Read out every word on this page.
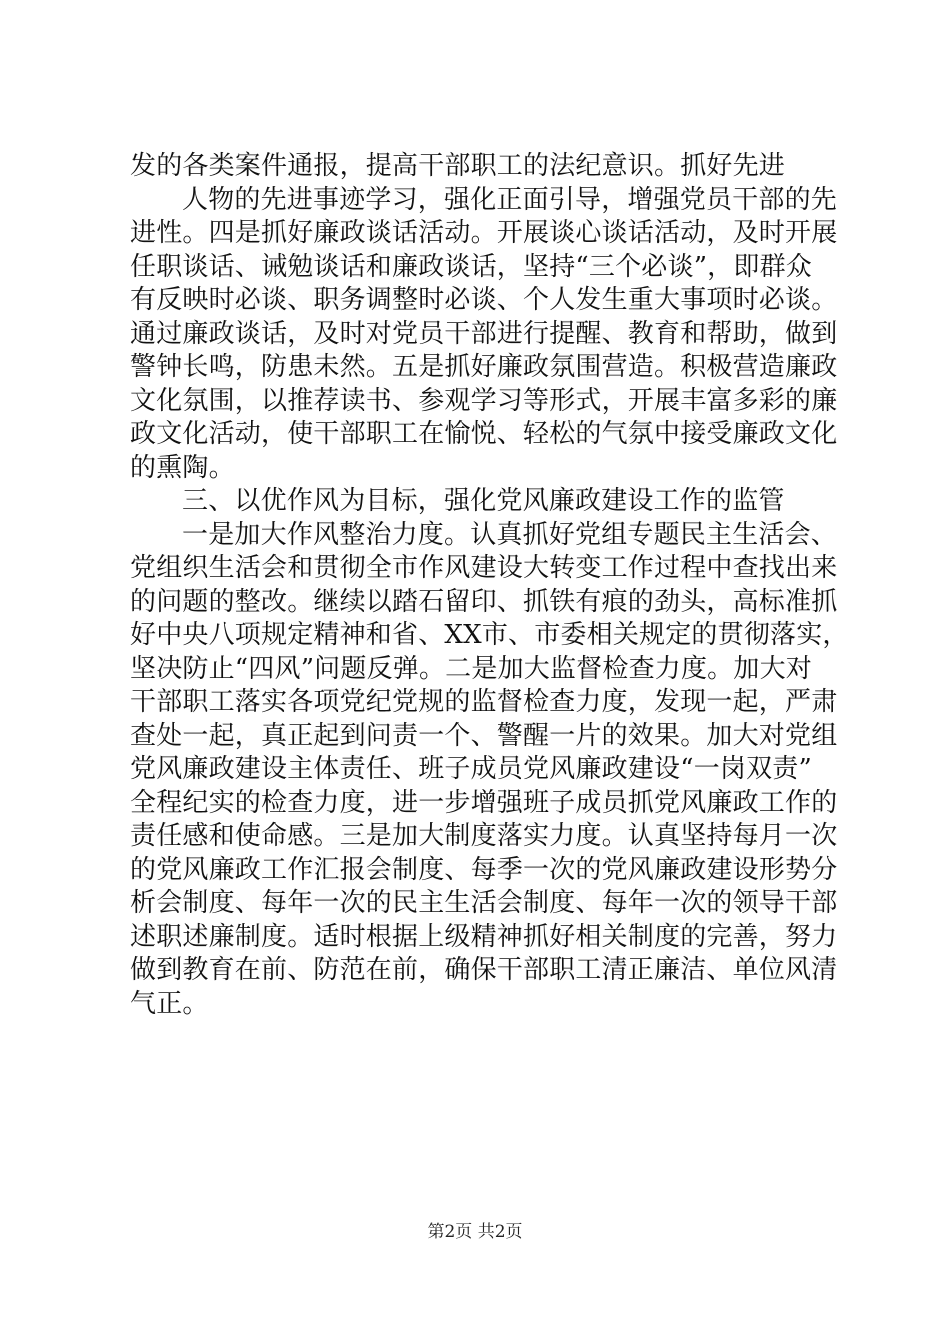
发的各类案件通报，提高干部职工的法纪意识。抓好先进
人物的先进事迹学习，强化正面引导，增强党员干部的先
进性。四是抓好廉政谈话活动。开展谈心谈话活动，及时开展
任职谈话、诫勉谈话和廉政谈话，坚持“三个必谈”，即群众
有反映时必谈、职务调整时必谈、个人发生重大事项时必谈。
通过廉政谈话，及时对党员干部进行提醒、教育和帮助，做到
警钟长鸣，防患未然。五是抓好廉政氛围营造。积极营造廉政
文化氛围，以推荐读书、参观学习等形式，开展丰富多彩的廉
政文化活动，使干部职工在愉悦、轻松的气氛中接受廉政文化
的熏陶。
三、以优作风为目标，强化党风廉政建设工作的监管
一是加大作风整治力度。认真抓好党组专题民主生活会、
党组织生活会和贯彻全市作风建设大转变工作过程中查找出来
的问题的整改。继续以踏石留印、抓铁有痕的劲头，高标准抓
好中央八项规定精神和省、XX市、市委相关规定的贯彻落实，
坚决防止“四风”问题反弹。二是加大监督检查力度。加大对
干部职工落实各项党纪党规的监督检查力度，发现一起，严肃
查处一起，真正起到问责一个、警醒一片的效果。加大对党组
党风廉政建设主体责任、班子成员党风廉政建设“一岗双责”
全程纪实的检查力度，进一步增强班子成员抓党风廉政工作的
责任感和使命感。三是加大制度落实力度。认真坚持每月一次
的党风廉政工作汇报会制度、每季一次的党风廉政建设形势分
析会制度、每年一次的民主生活会制度、每年一次的领导干部
述职述廉制度。适时根据上级精神抓好相关制度的完善，努力
做到教育在前、防范在前，确保干部职工清正廉洁、单位风清
气正。
第2页 共2页
